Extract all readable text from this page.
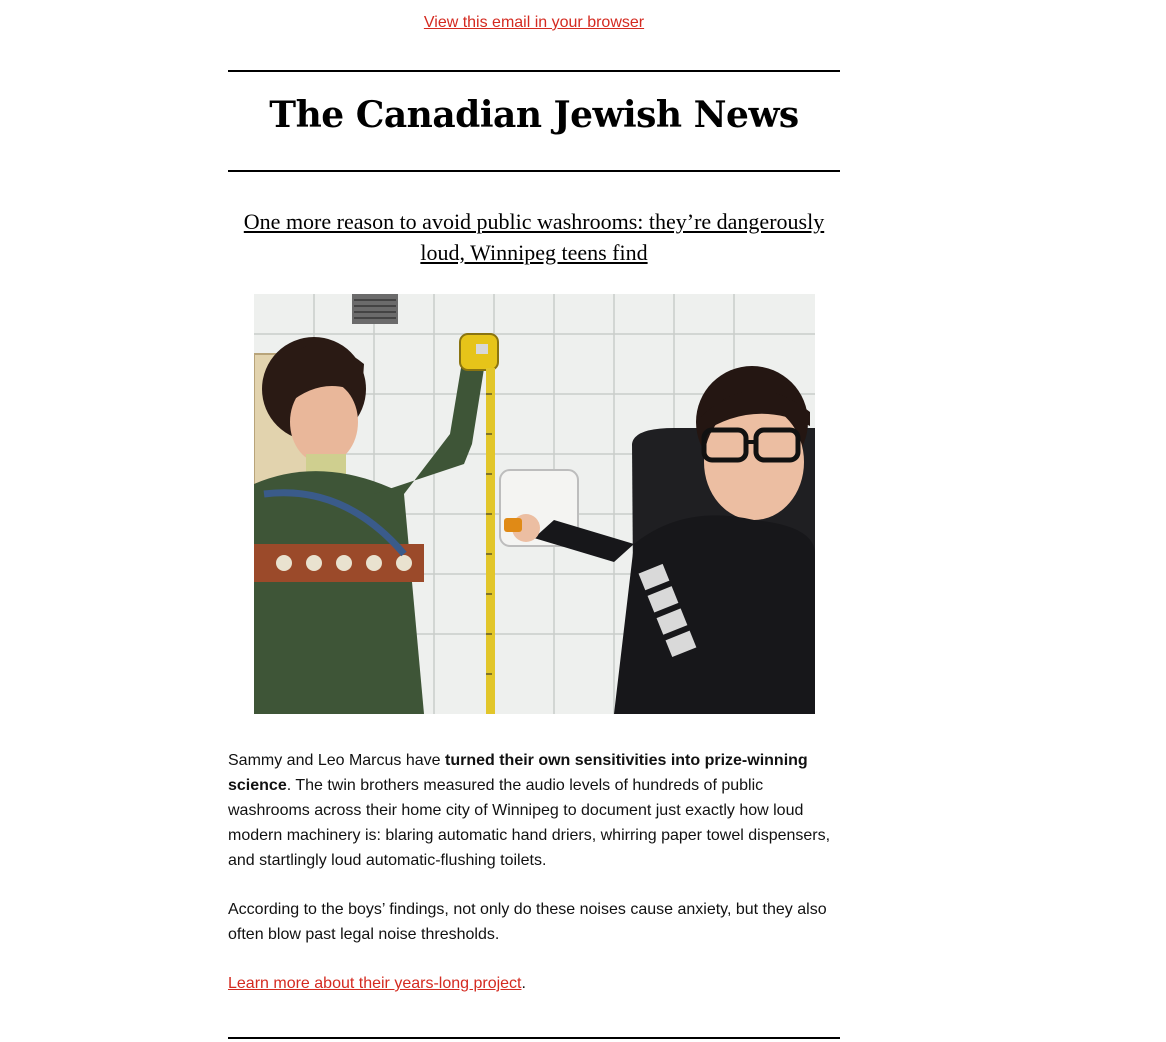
View this email in your browser
The Canadian Jewish News
One more reason to avoid public washrooms: they’re dangerously loud, Winnipeg teens find
Sammy and Leo Marcus have turned their own sensitivities into prize-winning science. The twin brothers measured the audio levels of hundreds of public washrooms across their home city of Winnipeg to document just exactly how loud modern machinery is: blaring automatic hand driers, whirring paper towel dispensers, and startlingly loud automatic-flushing toilets.
According to the boys’ findings, not only do these noises cause anxiety, but they also often blow past legal noise thresholds.
Learn more about their years-long project.
